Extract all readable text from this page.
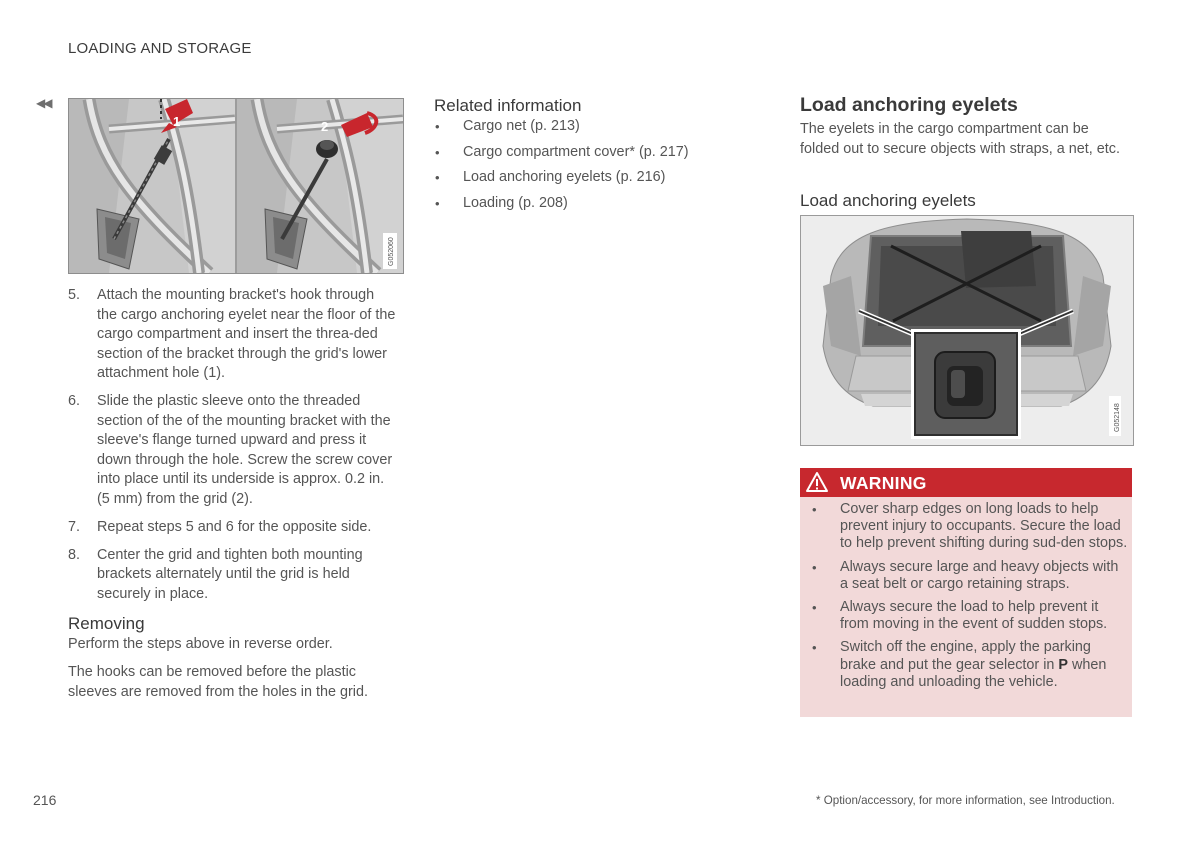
LOADING AND STORAGE
◀◀
1	2
G052060
5. Attach the mounting bracket's hook through the cargo anchoring eyelet near the floor of the cargo compartment and insert the threa-ded section of the bracket through the grid's lower attachment hole (1).
6. Slide the plastic sleeve onto the threaded section of the of the mounting bracket with the sleeve's flange turned upward and press it down through the hole. Screw the screw cover into place until its underside is approx. 0.2 in. (5 mm) from the grid (2).
7. Repeat steps 5 and 6 for the opposite side.
8. Center the grid and tighten both mounting brackets alternately until the grid is held securely in place.
Removing

Perform the steps above in reverse order.

The hooks can be removed before the plastic sleeves are removed from the holes in the grid.

Related information
• Cargo net (p. 213)
• Cargo compartment cover* (p. 217)
• Load anchoring eyelets (p. 216)
• Loading (p. 208)
Load anchoring eyelets

The eyelets in the cargo compartment can be folded out to secure objects with straps, a net, etc.

Load anchoring eyelets
G052148
WARNING
• Cover sharp edges on long loads to help prevent injury to occupants. Secure the load to help prevent shifting during sud-den stops.
• Always secure large and heavy objects with a seat belt or cargo retaining straps.
• Always secure the load to help prevent it from moving in the event of sudden stops.
• Switch off the engine, apply the parking brake and put the gear selector in P when loading and unloading the vehicle.
216	* Option/accessory, for more information, see Introduction.
